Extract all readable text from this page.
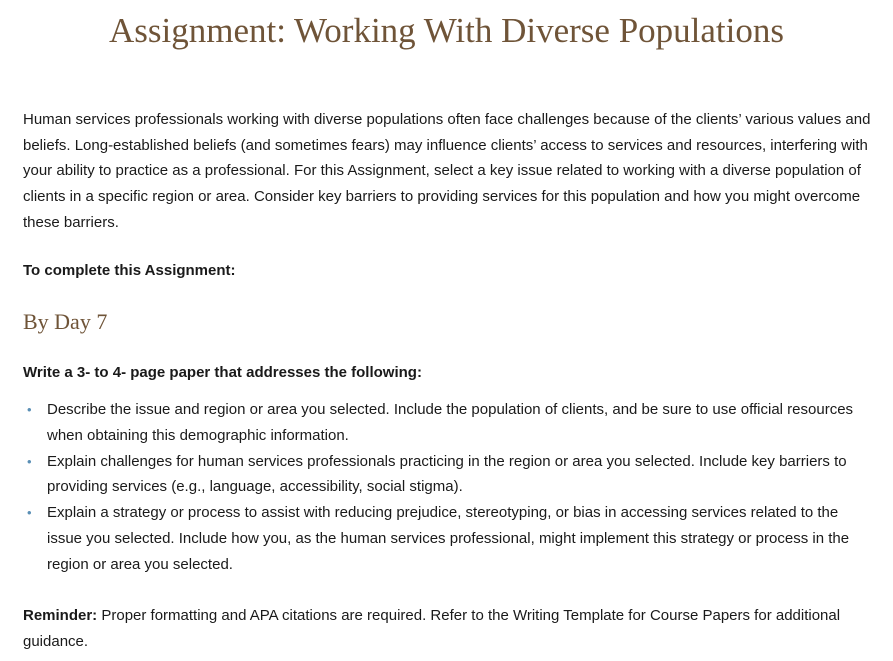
Assignment: Working With Diverse Populations

Human services professionals working with diverse populations often face challenges because of the clients’ various values and beliefs. Long-established beliefs (and sometimes fears) may influence clients’ access to services and resources, interfering with your ability to practice as a professional. For this Assignment, select a key issue related to working with a diverse population of clients in a specific region or area. Consider key barriers to providing services for this population and how you might overcome these barriers.

To complete this Assignment:

By Day 7

Write a 3- to 4- page paper that addresses the following:

• Describe the issue and region or area you selected. Include the population of clients, and be sure to use official resources when obtaining this demographic information.
• Explain challenges for human services professionals practicing in the region or area you selected. Include key barriers to providing services (e.g., language, accessibility, social stigma).
• Explain a strategy or process to assist with reducing prejudice, stereotyping, or bias in accessing services related to the issue you selected. Include how you, as the human services professional, might implement this strategy or process in the region or area you selected.

Reminder: Proper formatting and APA citations are required. Refer to the Writing Template for Course Papers for additional guidance.
